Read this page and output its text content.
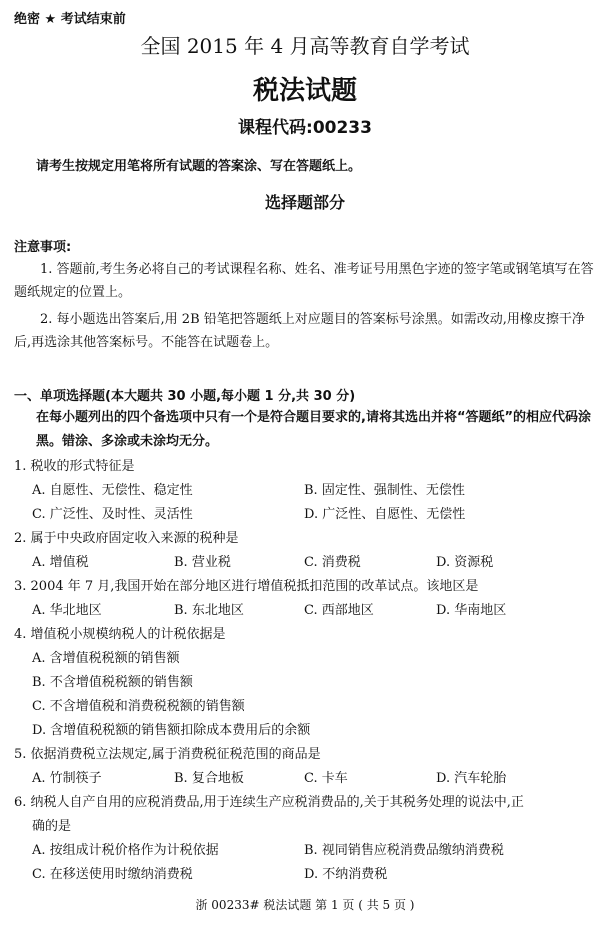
绝密 ★ 考试结束前
全国 2015 年 4 月高等教育自学考试
税法试题
课程代码:00233
请考生按规定用笔将所有试题的答案涂、写在答题纸上。
选择题部分
注意事项:
1. 答题前,考生务必将自己的考试课程名称、姓名、准考证号用黑色字迹的签字笔或钢笔填写在答题纸规定的位置上。
2. 每小题选出答案后,用 2B 铅笔把答题纸上对应题目的答案标号涂黑。如需改动,用橡皮擦干净后,再选涂其他答案标号。不能答在试题卷上。
一、单项选择题(本大题共 30 小题,每小题 1 分,共 30 分)
在每小题列出的四个备选项中只有一个是符合题目要求的,请将其选出并将“答题纸”的相应代码涂黑。错涂、多涂或未涂均无分。
1. 税收的形式特征是
A. 自愿性、无偿性、稳定性	B. 固定性、强制性、无偿性
C. 广泛性、及时性、灵活性	D. 广泛性、自愿性、无偿性
2. 属于中央政府固定收入来源的税种是
A. 增值税	B. 营业税	C. 消费税	D. 资源税
3. 2004 年 7 月,我国开始在部分地区进行增值税抵扣范围的改革试点。该地区是
A. 华北地区	B. 东北地区	C. 西部地区	D. 华南地区
4. 增值税小规模纳税人的计税依据是
A. 含增值税税额的销售额
B. 不含增值税税额的销售额
C. 不含增值税和消费税税额的销售额
D. 含增值税税额的销售额扣除成本费用后的余额
5. 依据消费税立法规定,属于消费税征税范围的商品是
A. 竹制筷子	B. 复合地板	C. 卡车	D. 汽车轮胎
6. 纳税人自产自用的应税消费品,用于连续生产应税消费品的,关于其税务处理的说法中,正
确的是
A. 按组成计税价格作为计税依据	B. 视同销售应税消费品缴纳消费税
C. 在移送使用时缴纳消费税	D. 不纳消费税
浙 00233# 税法试题 第 1 页 ( 共 5 页 )
